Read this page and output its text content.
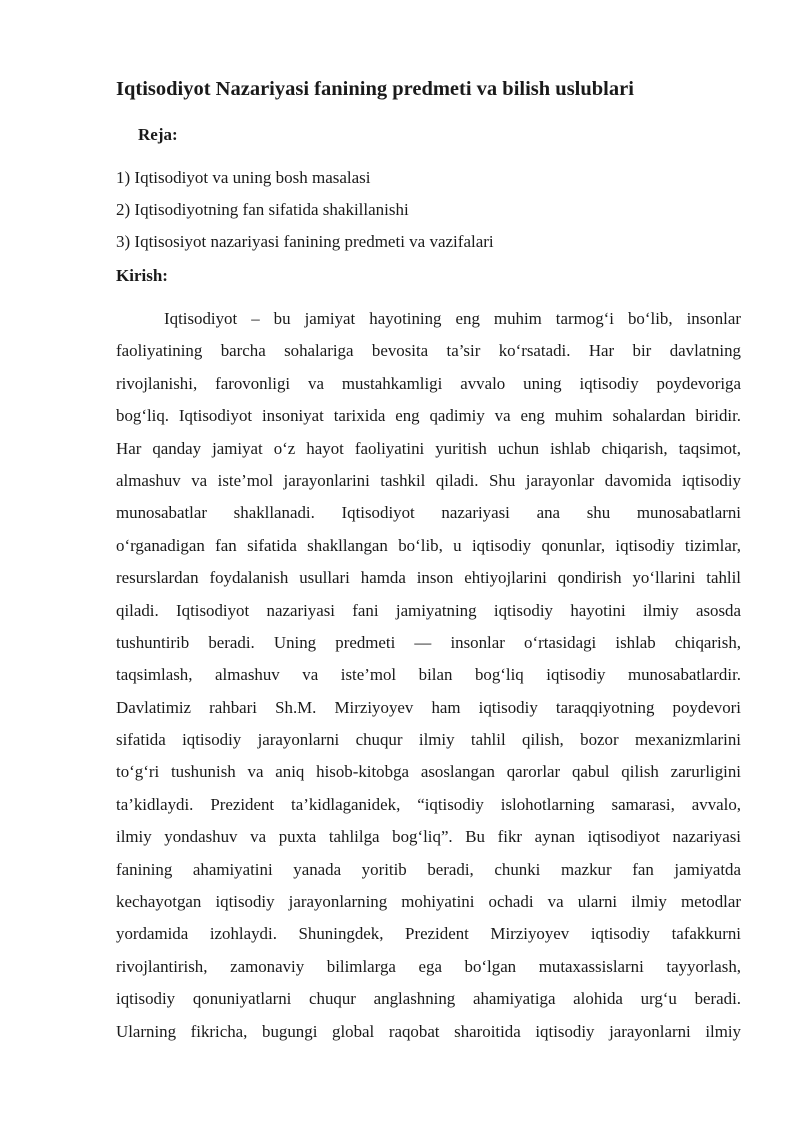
Iqtisodiyot Nazariyasi fanining predmeti va bilish uslublari
Reja:
1) Iqtisodiyot va uning bosh masalasi
2) Iqtisodiyotning fan sifatida shakillanishi
3) Iqtisosiyot nazariyasi fanining predmeti va vazifalari
Kirish:
Iqtisodiyot – bu jamiyat hayotining eng muhim tarmog‘i bo‘lib, insonlar
faoliyatining barcha sohalariga bevosita ta’sir ko‘rsatadi. Har bir davlatning
rivojlanishi, farovonligi va mustahkamligi avvalo uning iqtisodiy poydevoriga
bog‘liq. Iqtisodiyot insoniyat tarixida eng qadimiy va eng muhim sohalardan biridir.
Har qanday jamiyat o‘z hayot faoliyatini yuritish uchun ishlab chiqarish, taqsimot,
almashuv va iste’mol jarayonlarini tashkil qiladi. Shu jarayonlar davomida iqtisodiy
munosabatlar shakllanadi. Iqtisodiyot nazariyasi ana shu munosabatlarni
o‘rganadigan fan sifatida shakllangan bo‘lib, u iqtisodiy qonunlar, iqtisodiy tizimlar,
resurslardan foydalanish usullari hamda inson ehtiyojlarini qondirish yo‘llarini tahlil
qiladi. Iqtisodiyot nazariyasi fani jamiyatning iqtisodiy hayotini ilmiy asosda
tushuntirib beradi. Uning predmeti — insonlar o‘rtasidagi ishlab chiqarish,
taqsimlash, almashuv va iste’mol bilan bog‘liq iqtisodiy munosabatlardir.
Davlatimiz rahbari Sh.M. Mirziyoyev ham iqtisodiy taraqqiyotning poydevori
sifatida iqtisodiy jarayonlarni chuqur ilmiy tahlil qilish, bozor mexanizmlarini
to‘g‘ri tushunish va aniq hisob-kitobga asoslangan qarorlar qabul qilish zarurligini
ta’kidlaydi. Prezident ta’kidlaganidek, “iqtisodiy islohotlarning samarasi, avvalo,
ilmiy yondashuv va puxta tahlilga bog‘liq”. Bu fikr aynan iqtisodiyot nazariyasi
fanining ahamiyatini yanada yoritib beradi, chunki mazkur fan jamiyatda
kechayotgan iqtisodiy jarayonlarning mohiyatini ochadi va ularni ilmiy metodlar
yordamida izohlaydi. Shuningdek, Prezident Mirziyoyev iqtisodiy tafakkurni
rivojlantirish, zamonaviy bilimlarga ega bo‘lgan mutaxassislarni tayyorlash,
iqtisodiy qonuniyatlarni chuqur anglashning ahamiyatiga alohida urg‘u beradi.
Ularning fikricha, bugungi global raqobat sharoitida iqtisodiy jarayonlarni ilmiy
